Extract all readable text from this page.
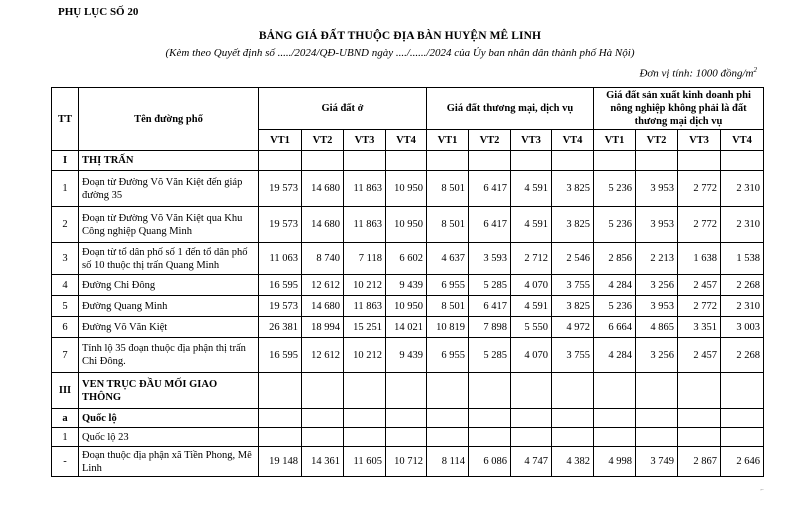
PHỤ LỤC SỐ 20
BẢNG GIÁ ĐẤT THUỘC ĐỊA BÀN HUYỆN MÊ LINH
(Kèm theo Quyết định số ...../2024/QĐ-UBND ngày ..../....../2024 của Ủy ban nhân dân thành phố Hà Nội)
Đơn vị tính: 1000 đồng/$m^2$
TT	Tên đường phố	Giá đất ở				Giá đất thương mại, dịch vụ				Giá đất sản xuất kinh doanh phi nông nghiệp không phải là đất thương mại dịch vụ			
		VT1	VT2	VT3	VT4	VT1	VT2	VT3	VT4	VT1	VT2	VT3	VT4
I	THỊ TRẤN												
1	Đoạn từ Đường Võ Văn Kiệt đến giáp đường 35	19 573	14 680	11 863	10 950	8 501	6 417	4 591	3 825	5 236	3 953	2 772	2 310
2	Đoạn từ Đường Võ Văn Kiệt qua Khu Công nghiệp Quang Minh	19 573	14 680	11 863	10 950	8 501	6 417	4 591	3 825	5 236	3 953	2 772	2 310
3	Đoạn từ tổ dân phố số 1 đến tổ dân phố số 10 thuộc thị trấn Quang Minh	11 063	8 740	7 118	6 602	4 637	3 593	2 712	2 546	2 856	2 213	1 638	1 538
4	Đường Chi Đông	16 595	12 612	10 212	9 439	6 955	5 285	4 070	3 755	4 284	3 256	2 457	2 268
5	Đường Quang Minh	19 573	14 680	11 863	10 950	8 501	6 417	4 591	3 825	5 236	3 953	2 772	2 310
6	Đường Võ Văn Kiệt	26 381	18 994	15 251	14 021	10 819	7 898	5 550	4 972	6 664	4 865	3 351	3 003
7	Tỉnh lộ 35 đoạn thuộc địa phận thị trấn Chi Đông.	16 595	12 612	10 212	9 439	6 955	5 285	4 070	3 755	4 284	3 256	2 457	2 268
III	VEN TRỤC ĐẦU MỐI GIAO THÔNG												
a	Quốc lộ												
1	Quốc lộ 23												
-	Đoạn thuộc địa phận xã Tiền Phong, Mê Linh	19 148	14 361	11 605	10 712	8 114	6 086	4 747	4 382	4 998	3 749	2 867	2 646
⌐
